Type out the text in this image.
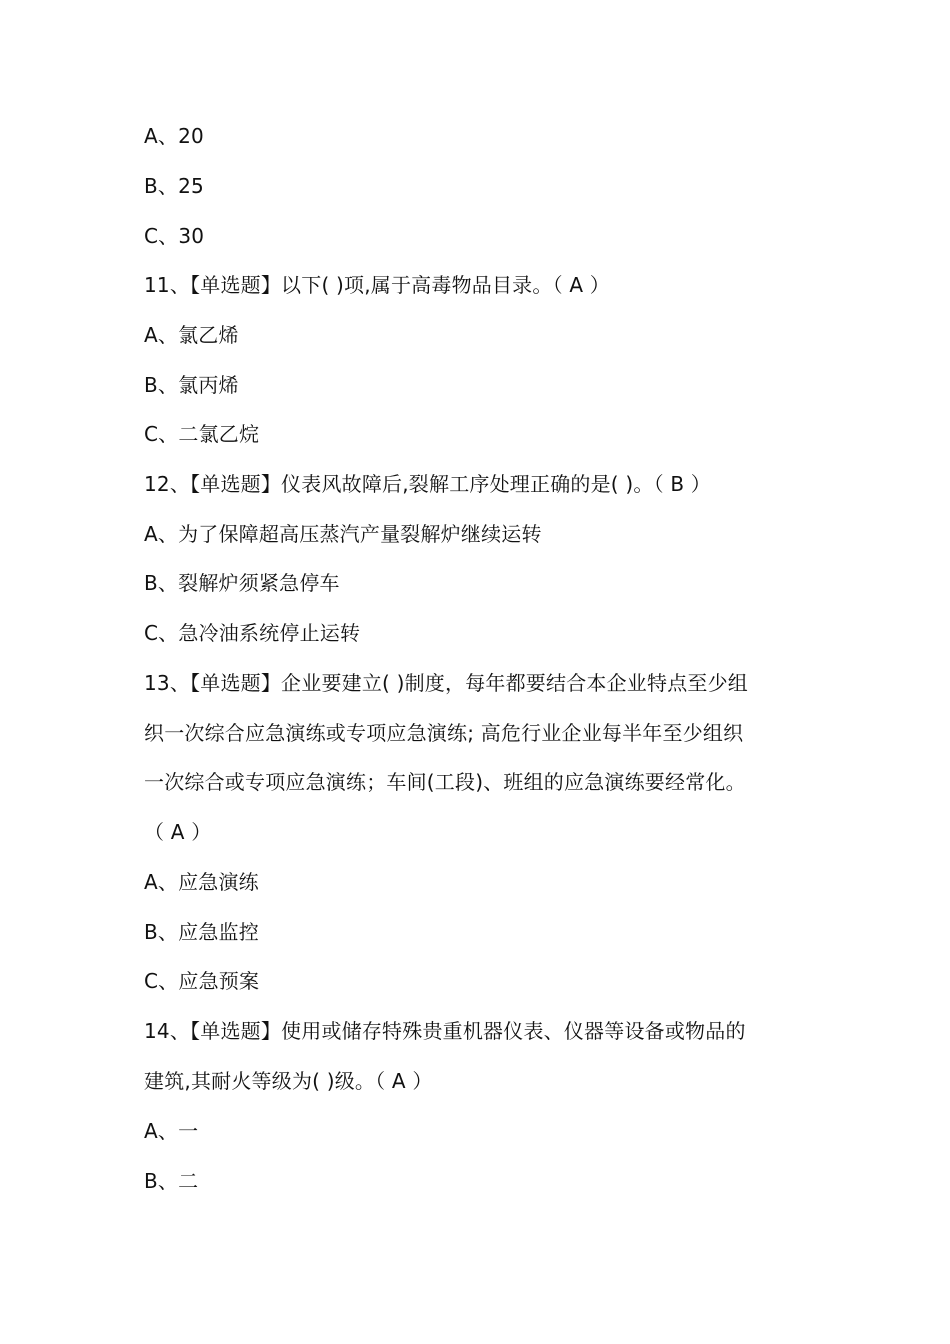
A、20
B、25
C、30
11、【单选题】以下( )项,属于高毒物品目录。（ A ）
A、氯乙烯
B、氯丙烯
C、二氯乙烷
12、【单选题】仪表风故障后,裂解工序处理正确的是( )。（ B ）
A、为了保障超高压蒸汽产量裂解炉继续运转
B、裂解炉须紧急停车
C、急冷油系统停止运转
13、【单选题】企业要建立( )制度，每年都要结合本企业特点至少组
织一次综合应急演练或专项应急演练; 高危行业企业每半年至少组织
一次综合或专项应急演练；车间(工段)、班组的应急演练要经常化。
（ A ）
A、应急演练
B、应急监控
C、应急预案
14、【单选题】使用或储存特殊贵重机器仪表、仪器等设备或物品的
建筑,其耐火等级为( )级。（ A ）
A、一
B、二
